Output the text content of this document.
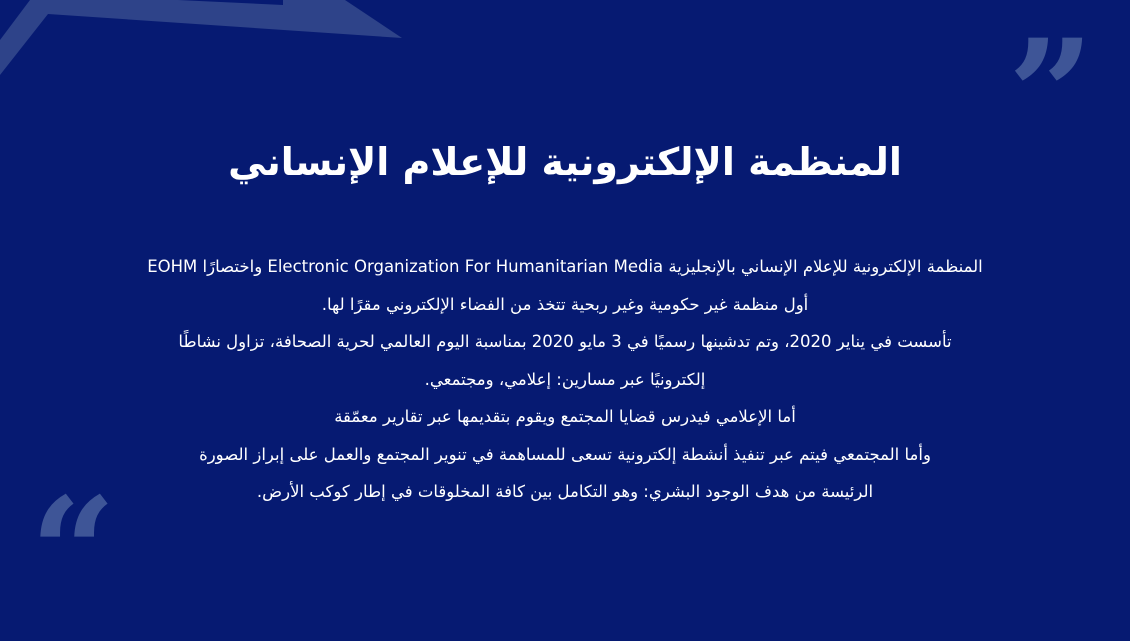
”
“
المنظمة الإلكترونية للإعلام الإنساني

المنظمة الإلكترونية للإعلام الإنساني بالإنجليزية Electronic Organization For Humanitarian Media واختصارًا EOHM

أول منظمة غير حكومية وغير ربحية تتخذ من الفضاء الإلكتروني مقرًا لها.

تأسست في يناير 2020، وتم تدشينها رسميًا في 3 مايو 2020 بمناسبة اليوم العالمي لحرية الصحافة، تزاول نشاطًا

إلكترونيًا عبر مسارين: إعلامي، ومجتمعي.

أما الإعلامي فيدرس قضايا المجتمع ويقوم بتقديمها عبر تقارير معمّقة

وأما المجتمعي فيتم عبر تنفيذ أنشطة إلكترونية تسعى للمساهمة في تنوير المجتمع والعمل على إبراز الصورة

الرئيسة من هدف الوجود البشري: وهو التكامل بين كافة المخلوقات في إطار كوكب الأرض.
